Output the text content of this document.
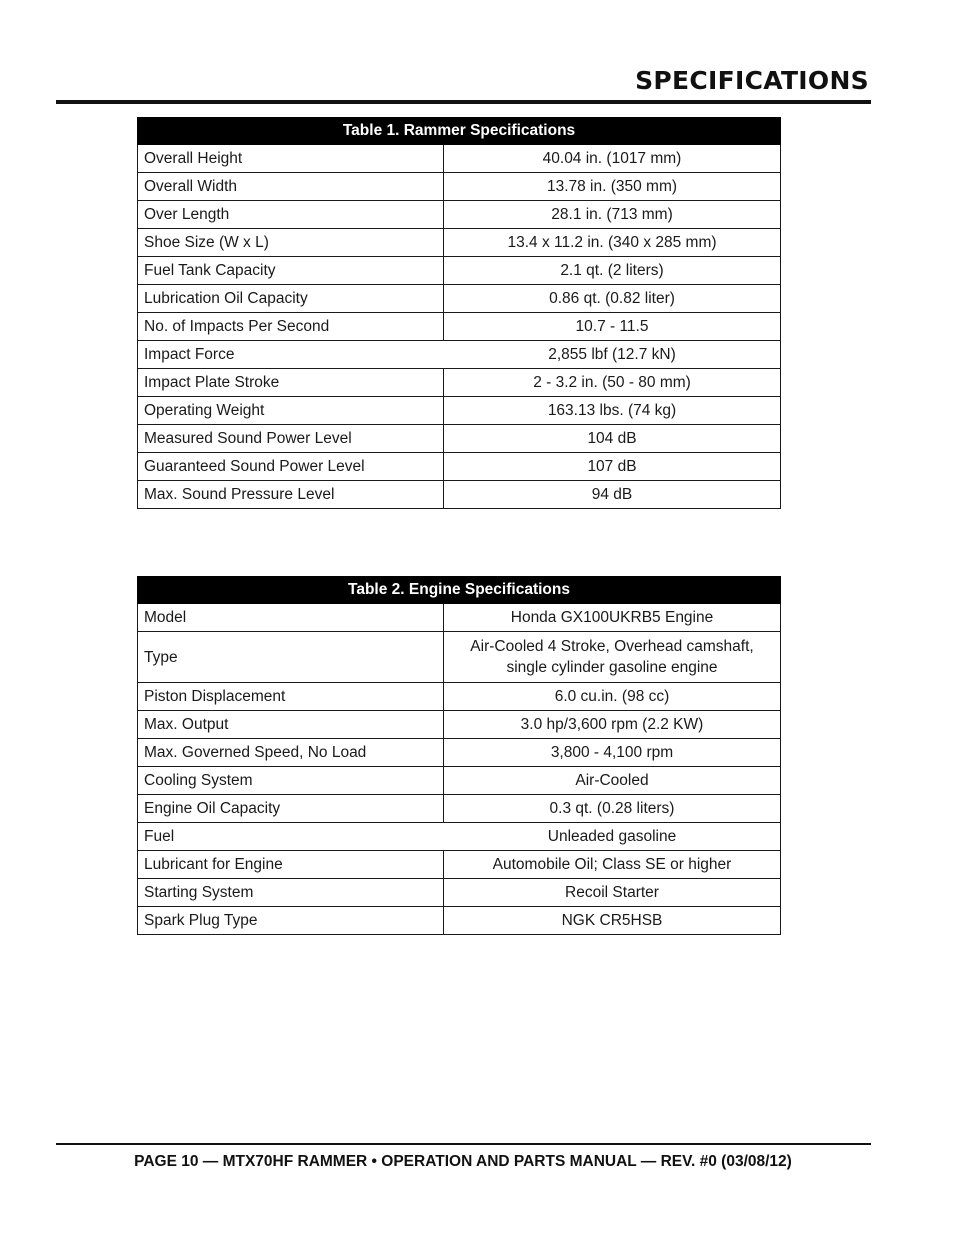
SPECIFICATIONS
Table 1. Rammer Specifications	
Overall Height	40.04 in. (1017 mm)
Overall Width	13.78 in. (350 mm)
Over Length	28.1 in. (713 mm)
Shoe Size (W x L)	13.4 x 11.2 in. (340 x 285 mm)
Fuel Tank Capacity	2.1 qt. (2 liters)
Lubrication Oil Capacity	0.86 qt. (0.82 liter)
No. of Impacts Per Second	10.7 - 11.5
Impact Force	2,855 lbf (12.7 kN)
Impact Plate Stroke	2 - 3.2 in. (50 - 80 mm)
Operating Weight	163.13 lbs. (74 kg)
Measured Sound Power Level	104 dB
Guaranteed Sound Power Level	107 dB
Max. Sound Pressure Level	94 dB
Table 2. Engine Specifications	
Model	Honda GX100UKRB5 Engine
Type	Air-Cooled 4 Stroke, Overhead camshaft,
single cylinder gasoline engine

Piston Displacement	6.0 cu.in. (98 cc)
Max. Output	3.0 hp/3,600 rpm (2.2 KW)
Max. Governed Speed, No Load	3,800 - 4,100 rpm
Cooling System	Air-Cooled
Engine Oil Capacity	0.3 qt. (0.28 liters)
Fuel	Unleaded gasoline
Lubricant for Engine	Automobile Oil; Class SE or higher
Starting System	Recoil Starter
Spark Plug Type	NGK CR5HSB
PAGE 10 — MTX70HF RAMMER • OPERATION AND PARTS MANUAL — REV. #0 (03/08/12)
